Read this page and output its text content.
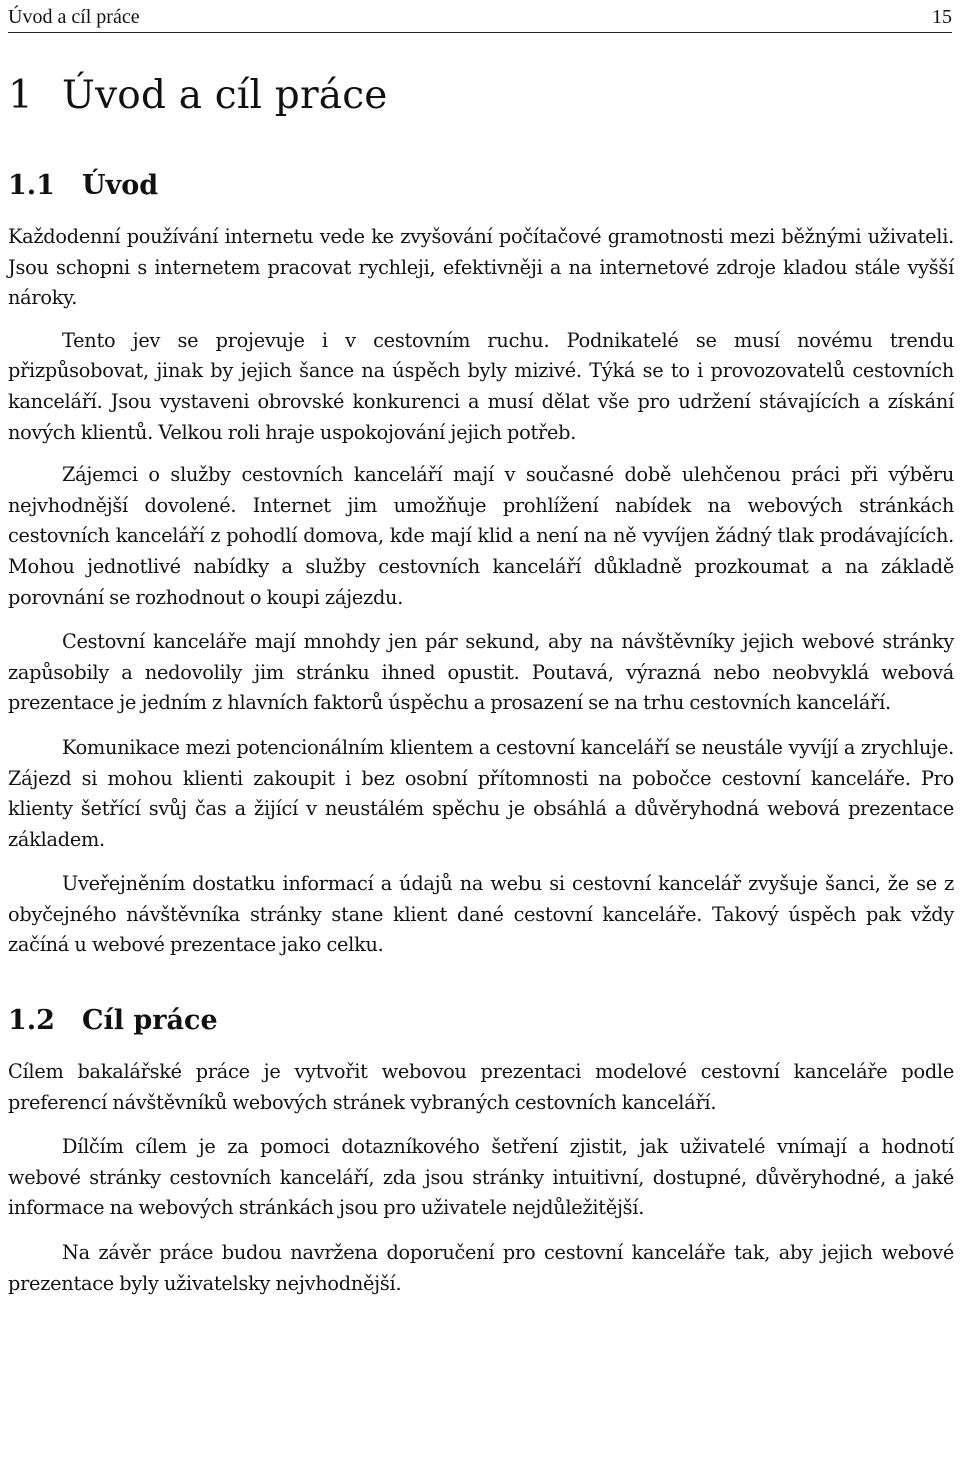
Úvod a cíl práce	15
1 Úvod a cíl práce
1.1 Úvod

Každodenní používání internetu vede ke zvyšování počítačové gramotnosti mezi běžnými uživateli. Jsou schopni s internetem pracovat rychleji, efektivněji a na internetové zdroje kladou stále vyšší nároky.

Tento jev se projevuje i v cestovním ruchu. Podnikatelé se musí novému trendu přizpůsobovat, jinak by jejich šance na úspěch byly mizivé. Týká se to i provozovatelů cestovních kanceláří. Jsou vystaveni obrovské konkurenci a musí dělat vše pro udržení stávajících a získání nových klientů. Velkou roli hraje uspokojování jejich potřeb.

Zájemci o služby cestovních kanceláří mají v současné době ulehčenou práci při výběru nejvhodnější dovolené. Internet jim umožňuje prohlížení nabídek na webových stránkách cestovních kanceláří z pohodlí domova, kde mají klid a není na ně vyvíjen žádný tlak prodávajících. Mohou jednotlivé nabídky a služby cestovních kanceláří důkladně prozkoumat a na základě porovnání se rozhodnout o koupi zájezdu.

Cestovní kanceláře mají mnohdy jen pár sekund, aby na návštěvníky jejich webové stránky zapůsobily a nedovolily jim stránku ihned opustit. Poutavá, výrazná nebo neobvyklá webová prezentace je jedním z hlavních faktorů úspěchu a prosazení se na trhu cestovních kanceláří.

Komunikace mezi potencionálním klientem a cestovní kanceláří se neustále vyvíjí a zrychluje. Zájezd si mohou klienti zakoupit i bez osobní přítomnosti na pobočce cestovní kanceláře. Pro klienty šetřící svůj čas a žijící v neustálém spěchu je obsáhlá a důvěryhodná webová prezentace základem.

Uveřejněním dostatku informací a údajů na webu si cestovní kancelář zvyšuje šanci, že se z obyčejného návštěvníka stránky stane klient dané cestovní kanceláře. Takový úspěch pak vždy začíná u webové prezentace jako celku.

1.2 Cíl práce

Cílem bakalářské práce je vytvořit webovou prezentaci modelové cestovní kanceláře podle preferencí návštěvníků webových stránek vybraných cestovních kanceláří.

Dílčím cílem je za pomoci dotazníkového šetření zjistit, jak uživatelé vnímají a hodnotí webové stránky cestovních kanceláří, zda jsou stránky intuitivní, dostupné, důvěryhodné, a jaké informace na webových stránkách jsou pro uživatele nejdůležitější.

Na závěr práce budou navržena doporučení pro cestovní kanceláře tak, aby jejich webové prezentace byly uživatelsky nejvhodnější.
